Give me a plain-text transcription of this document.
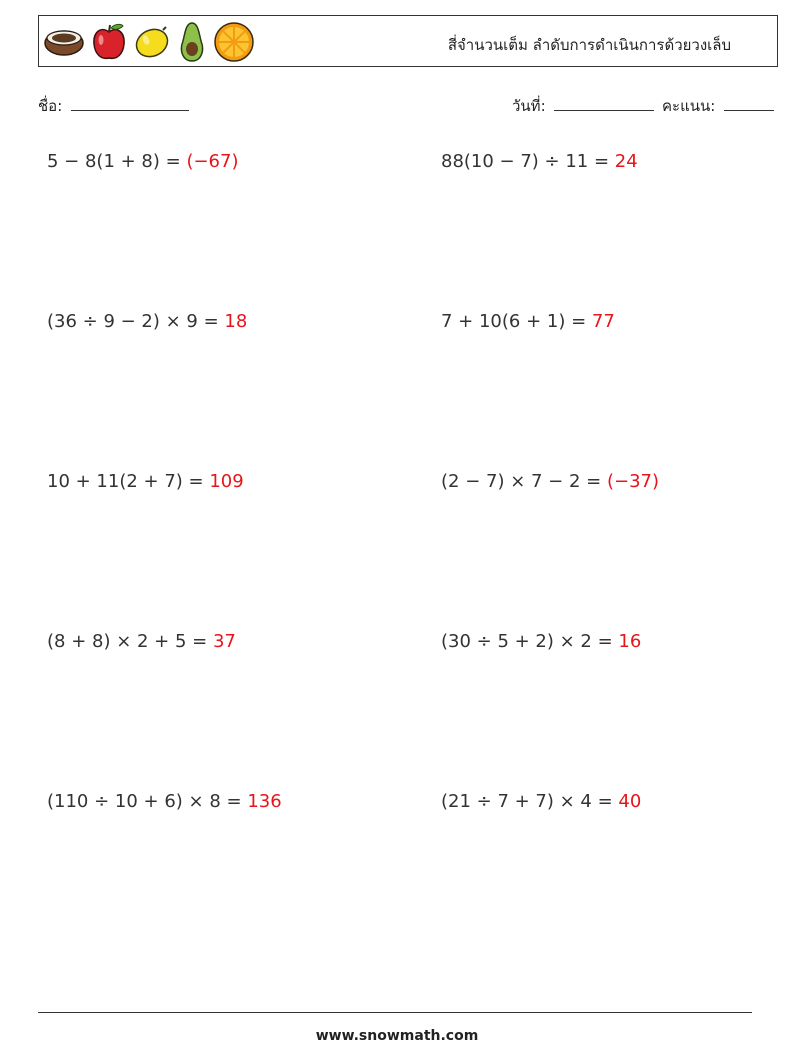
สี่จำนวนเต็ม ลำดับการดำเนินการด้วยวงเล็บ
ชื่อ:	วันที่:	คะแนน:
5 − 8(1 + 8) = (−67)	88(10 − 7) ÷ 11 = 24
(36 ÷ 9 − 2) × 9 = 18	7 + 10(6 + 1) = 77
10 + 11(2 + 7) = 109	(2 − 7) × 7 − 2 = (−37)
(8 + 8) × 2 + 5 = 37	(30 ÷ 5 + 2) × 2 = 16
(110 ÷ 10 + 6) × 8 = 136	(21 ÷ 7 + 7) × 4 = 40
www.snowmath.com
